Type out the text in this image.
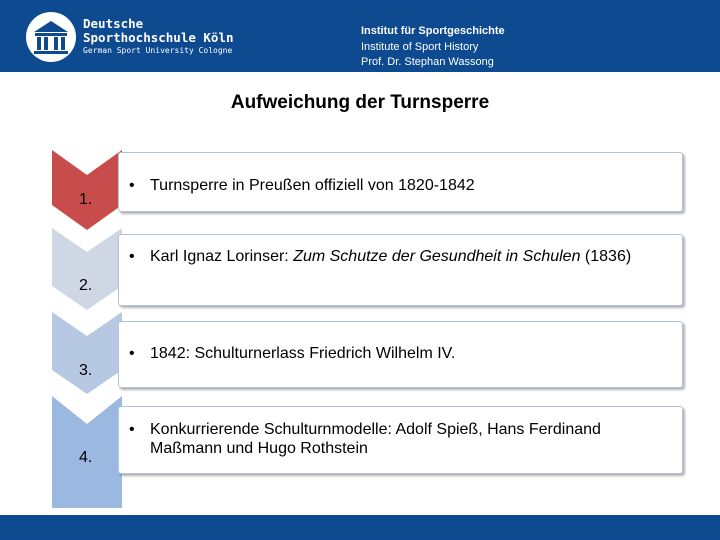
Deutsche
Sporthochschule Köln
German Sport University Cologne
Institut für Sportgeschichte
Institute of Sport History
Prof. Dr. Stephan Wassong
Aufweichung der Turnsperre
1.
• Turnsperre in Preußen offiziell von 1820-1842
2.
• Karl Ignaz Lorinser: Zum Schutze der Gesundheit in Schulen (1836)
3.
• 1842: Schulturnerlass Friedrich Wilhelm IV.
4.
• Konkurrierende Schulturnmodelle: Adolf Spieß, Hans Ferdinand Maßmann und Hugo Rothstein
